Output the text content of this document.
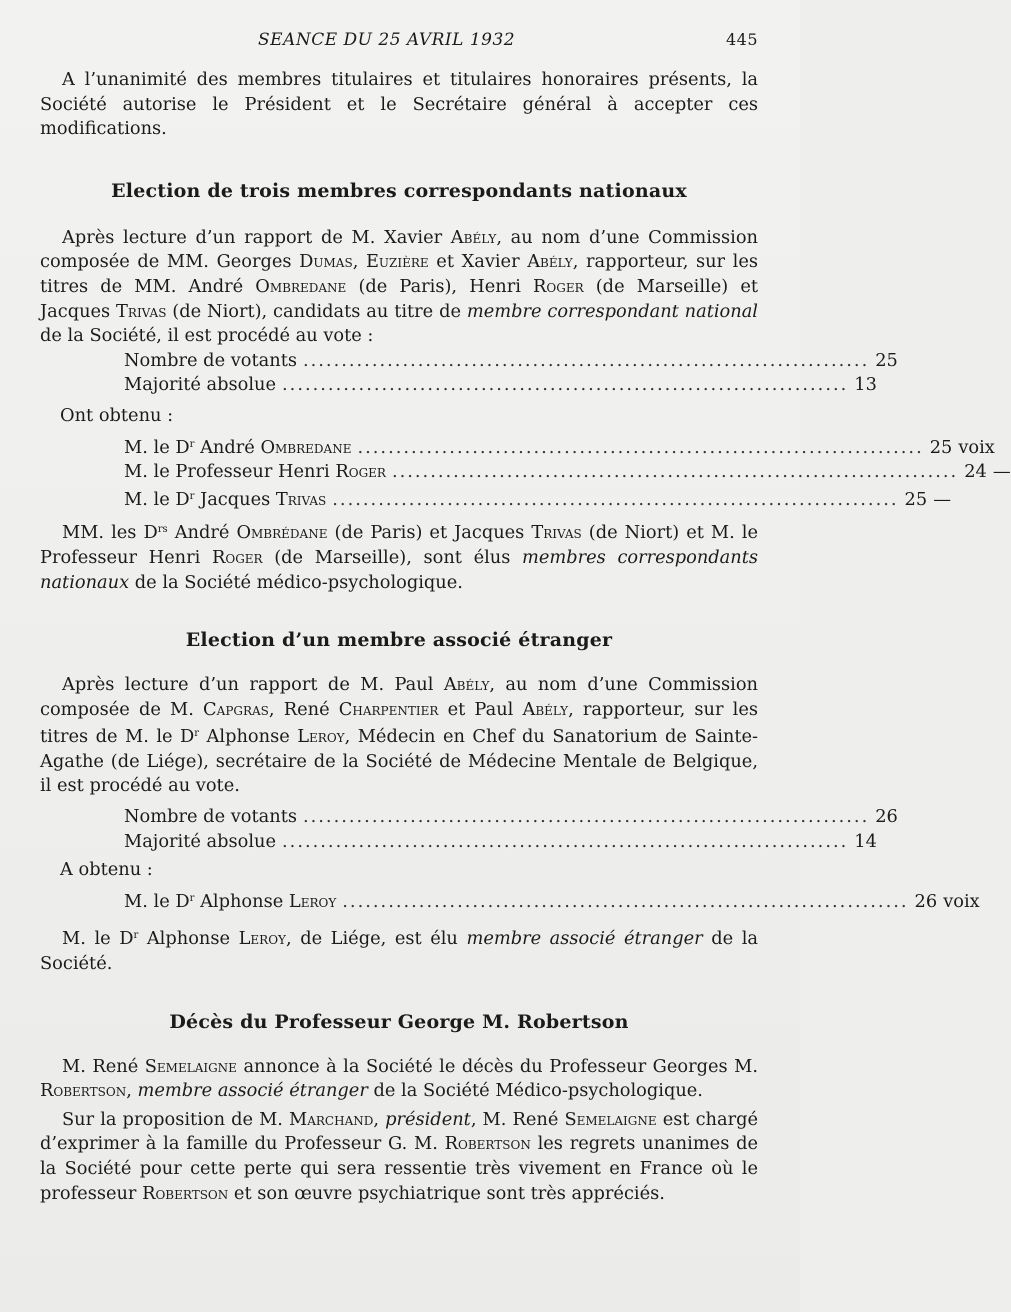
SEANCE DU 25 AVRIL 1932	445

A l’unanimité des membres titulaires et titulaires honoraires présents, la Société autorise le Président et le Secrétaire général à accepter ces modifications.

Election de trois membres correspondants nationaux

Après lecture d’un rapport de M. Xavier Abély, au nom d’une Commission composée de MM. Georges Dumas, Euzière et Xavier Abély, rapporteur, sur les titres de MM. André Ombredane (de Paris), Henri Roger (de Marseille) et Jacques Trivas (de Niort), candidats au titre de membre correspondant national de la Société, il est procédé au vote :

Nombre de votants .......................................................................... 25
Majorité absolue .......................................................................... 13
Ont obtenu :
M. le $D^r$ André Ombredane .......................................................................... 25 voix
M. le Professeur Henri Roger .......................................................................... 24 —
M. le $D^r$ Jacques Trivas .......................................................................... 25 —

MM. les $D^{rs}$ André Ombrédane (de Paris) et Jacques Trivas (de Niort) et M. le Professeur Henri Roger (de Marseille), sont élus membres correspondants nationaux de la Société médico-psychologique.

Election d’un membre associé étranger

Après lecture d’un rapport de M. Paul Abély, au nom d’une Commission composée de M. Capgras, René Charpentier et Paul Abély, rapporteur, sur les titres de M. le $D^r$ Alphonse Leroy, Médecin en Chef du Sanatorium de Sainte-Agathe (de Liége), secrétaire de la Société de Médecine Mentale de Belgique, il est procédé au vote.

Nombre de votants .......................................................................... 26
Majorité absolue .......................................................................... 14
A obtenu :
M. le $D^r$ Alphonse Leroy .......................................................................... 26 voix

M. le $D^r$ Alphonse Leroy, de Liége, est élu membre associé étranger de la Société.

Décès du Professeur George M. Robertson

M. René Semelaigne annonce à la Société le décès du Professeur Georges M. Robertson, membre associé étranger de la Société Médico-psychologique.

Sur la proposition de M. Marchand, président, M. René Semelaigne est chargé d’exprimer à la famille du Professeur G. M. Robertson les regrets unanimes de la Société pour cette perte qui sera ressentie très vivement en France où le professeur Robertson et son œuvre psychiatrique sont très appréciés.
